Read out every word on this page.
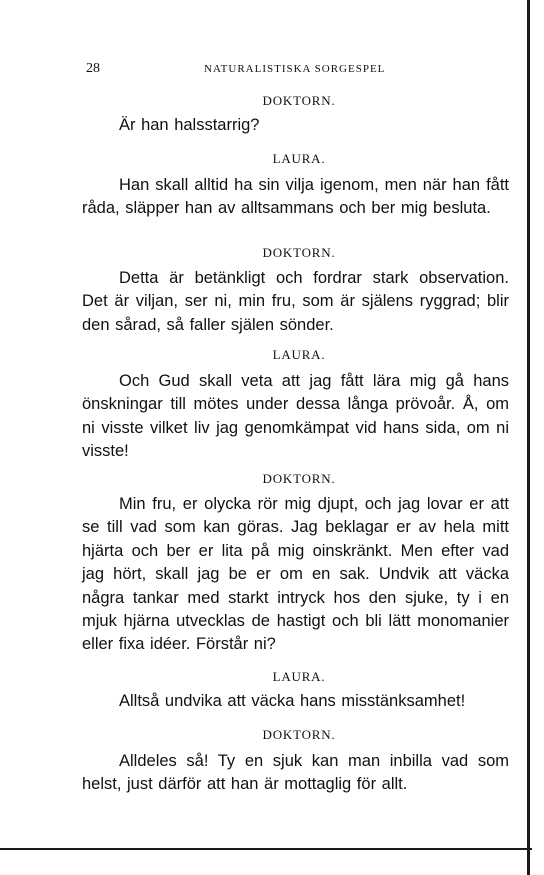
28	NATURALISTISKA SORGESPEL
DOKTORN.

Är han halsstarrig?

LAURA.

Han skall alltid ha sin vilja igenom, men när han fått råda, släpper han av alltsammans och ber mig besluta.

DOKTORN.

Detta är betänkligt och fordrar stark observation. Det är viljan, ser ni, min fru, som är själens ryggrad; blir den sårad, så faller själen sönder.

LAURA.

Och Gud skall veta att jag fått lära mig gå hans önskningar till mötes under dessa långa prövoår. Å, om ni visste vilket liv jag genomkämpat vid hans sida, om ni visste!

DOKTORN.

Min fru, er olycka rör mig djupt, och jag lovar er att se till vad som kan göras. Jag beklagar er av hela mitt hjärta och ber er lita på mig oinskränkt. Men efter vad jag hört, skall jag be er om en sak. Undvik att väcka några tankar med starkt intryck hos den sjuke, ty i en mjuk hjärna utvecklas de hastigt och bli lätt monomanier eller fixa idéer. Förstår ni?

LAURA.

Alltså undvika att väcka hans misstänksamhet!

DOKTORN.

Alldeles så! Ty en sjuk kan man inbilla vad som helst, just därför att han är mottaglig för allt.
